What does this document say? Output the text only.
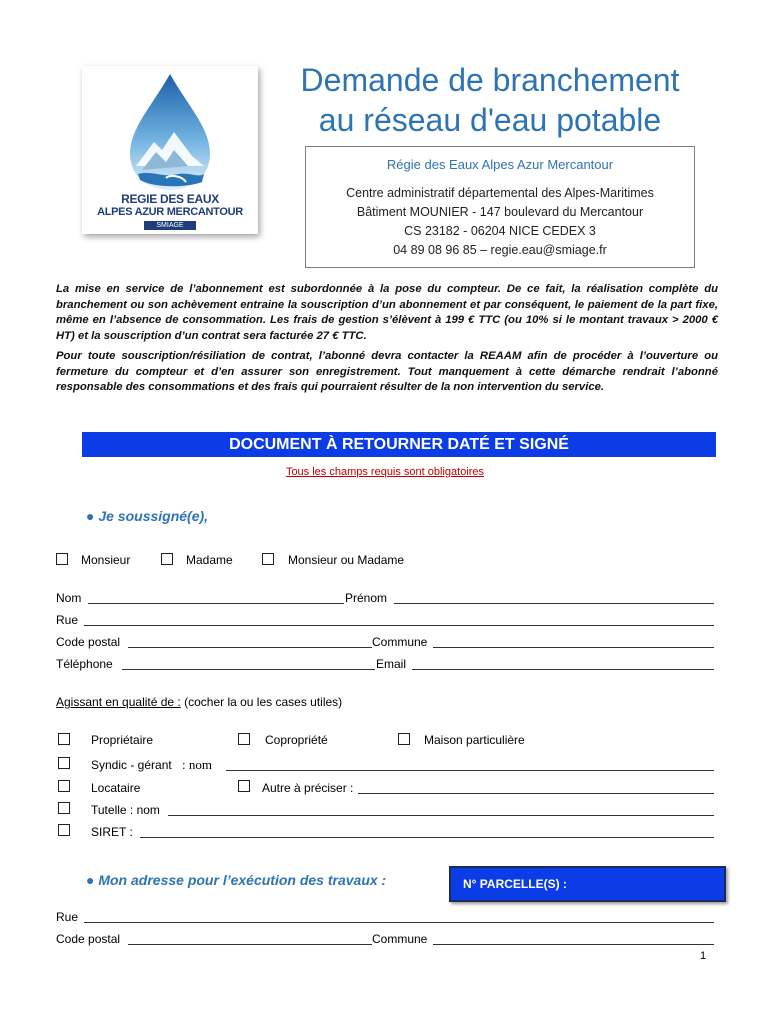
REGIE DES EAUX
ALPES AZUR MERCANTOUR
SMIAGE
Demande de branchement
au réseau d'eau potable
Régie des Eaux Alpes Azur Mercantour
Centre administratif départemental des Alpes-Maritimes
Bâtiment MOUNIER - 147 boulevard du Mercantour
CS 23182 - 06204 NICE CEDEX 3
04 89 08 96 85 – regie.eau@smiage.fr
La mise en service de l’abonnement est subordonnée à la pose du compteur. De ce fait, la réalisation complète du branchement ou son achèvement entraine la souscription d’un abonnement et par conséquent, le paiement de la part fixe, même en l’absence de consommation. Les frais de gestion s’élèvent à 199 € TTC (ou 10% si le montant travaux > 2000 € HT) et la souscription d’un contrat sera facturée 27 € TTC.
Pour toute souscription/résiliation de contrat, l’abonné devra contacter la REAAM afin de procéder à l’ouverture ou fermeture du compteur et d’en assurer son enregistrement. Tout manquement à cette démarche rendrait l’abonné responsable des consommations et des frais qui pourraient résulter de la non intervention du service.
DOCUMENT À RETOURNER DATÉ ET SIGNÉ
Tous les champs requis sont obligatoires
● Je soussigné(e),
Monsieur	Madame	Monsieur ou Madame
Nom	Prénom
Rue
Code postal	Commune
Téléphone	Email
Agissant en qualité de : (cocher la ou les cases utiles)
Propriétaire	Copropriété	Maison particulière
Syndic - gérant : nom
Locataire	Autre à préciser :
Tutelle : nom
SIRET :
● Mon adresse pour l’exécution des travaux :	N° PARCELLE(S) :
Rue
Code postal	Commune
1
